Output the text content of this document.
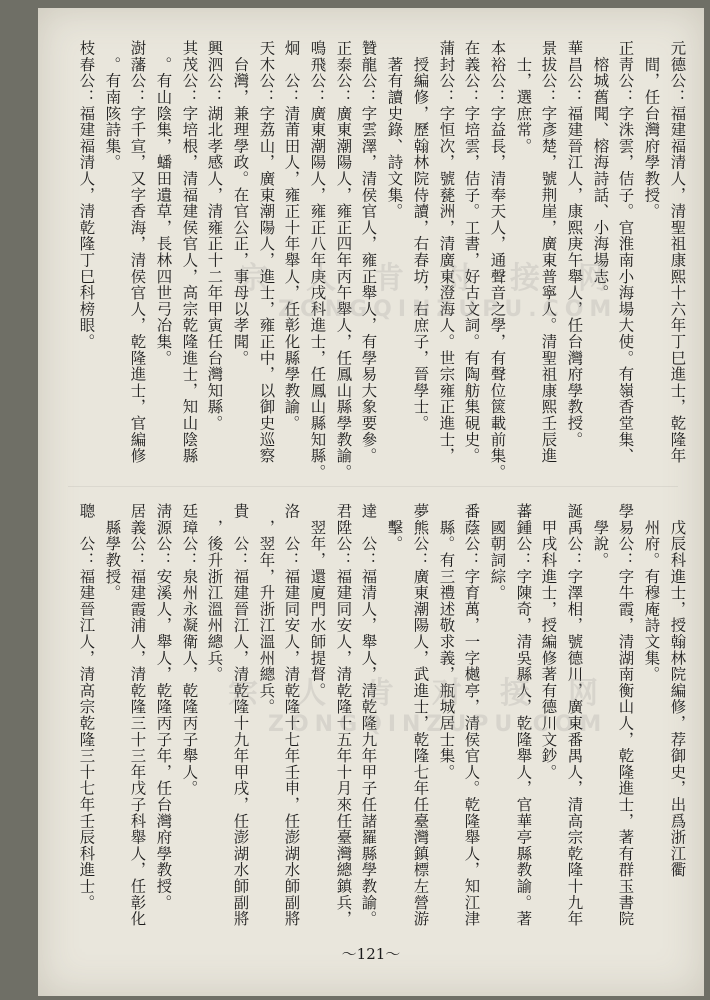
元德公：福建福清人，清聖祖康熙十六年丁巳進士，乾隆年
　間，任台灣府學教授。
正靑公：字洙雲，佶子。官淮南小海場大使。有嶺香堂集、
　榕城舊聞、榕海詩話、小海場志。
華昌公：福建晉江人，康熙庚午舉人，任台灣府學教授。
景拔公：字彥楚，號荆崖，廣東普寧人。清聖祖康熙壬辰進
　士，選庶常。
本裕公：字益長，清奉天人，通聲音之學，有聲位篋載前集。
在義公：字培雲，佶子。工書，好古文詞。有陶舫集硯史。
蒲封公：字恒次，號甆洲，清廣東澄海人。世宗雍正進士，
　授編修，歷翰林院侍讀，右春坊，右庶子，晉學士。
　著有讀史錄、詩文集。
贊龍公：字雲澤，清侯官人，雍正舉人，有學易大象要參。
正泰公：廣東潮陽人，雍正四年丙午舉人，任鳳山縣學教諭。
鳴飛公：廣東潮陽人，雍正八年庚戌科進士，任鳳山縣知縣。
炯　公：清莆田人，雍正十年舉人，任彰化縣學教諭。
天木公：字荔山，廣東潮陽人，進士，雍正中，以御史巡察
　台灣，兼理學政。在官公正，事母以孝聞。
興泗公：湖北孝感人，清雍正十二年甲寅任台灣知縣。
其茂公：字培根，清福建侯官人，高宗乾隆進士，知山陰縣
　。有山陰集，蟠田遺草，長林四世弓冶集。
澍藩公：字千宣，又字香海，清侯官人，乾隆進士，官編修
　。有南陔詩集。
枝春公：福建福清人，清乾隆丁巳科榜眼。
　戊辰科進士，授翰林院編修，荐御史，出爲浙江衢
　州府。有穆庵詩文集。
學易公：字牛霞，清湖南衡山人，乾隆進士，著有群玉書院
　學說。
誕禹公：字澤相，號德川，廣東番禺人，清高宗乾隆十九年
　甲戌科進士，授編修著有德川文鈔。
蕃鍾公：字陳奇，清吳縣人，乾隆舉人，官華亭縣教諭。著
　國朝詞綜。
番蔭公：字育萬，一字樾亭，清侯官人。乾隆舉人，知江津
　縣。有三禮述敬求義，瓶城居士集。
夢熊公：廣東潮陽人，武進士，乾隆七年任臺灣鎮標左營游
　擊。
達　公：福清人，舉人，清乾隆九年甲子任諸羅縣學教諭。
君陞公：福建同安人，清乾隆十五年十月來任臺灣總鎮兵，
　翌年，還廈門水師提督。
洛　公：福建同安人，清乾隆十七年壬申，任澎湖水師副將
　，翌年，升浙江溫州總兵。
貴　公：福建晉江人，清乾隆十九年甲戌，任澎湖水師副將
　，後升浙江溫州總兵。
廷璋公：泉州永凝衛人，乾隆丙子舉人。
淸源公：安溪人，舉人，乾隆丙子年，任台灣府學教授。
居義公：福建霞浦人，清乾隆三十三年戊子科舉人，任彰化
　縣學教授。
聰　公：福建晉江人，清高宗乾隆三十七年壬辰科進士。
宗　人　肯　对　接　网
ZONGQINZUPU.COM
宗　人　肯　对　接　网
ZONGQINZUPU.COM
～121～
